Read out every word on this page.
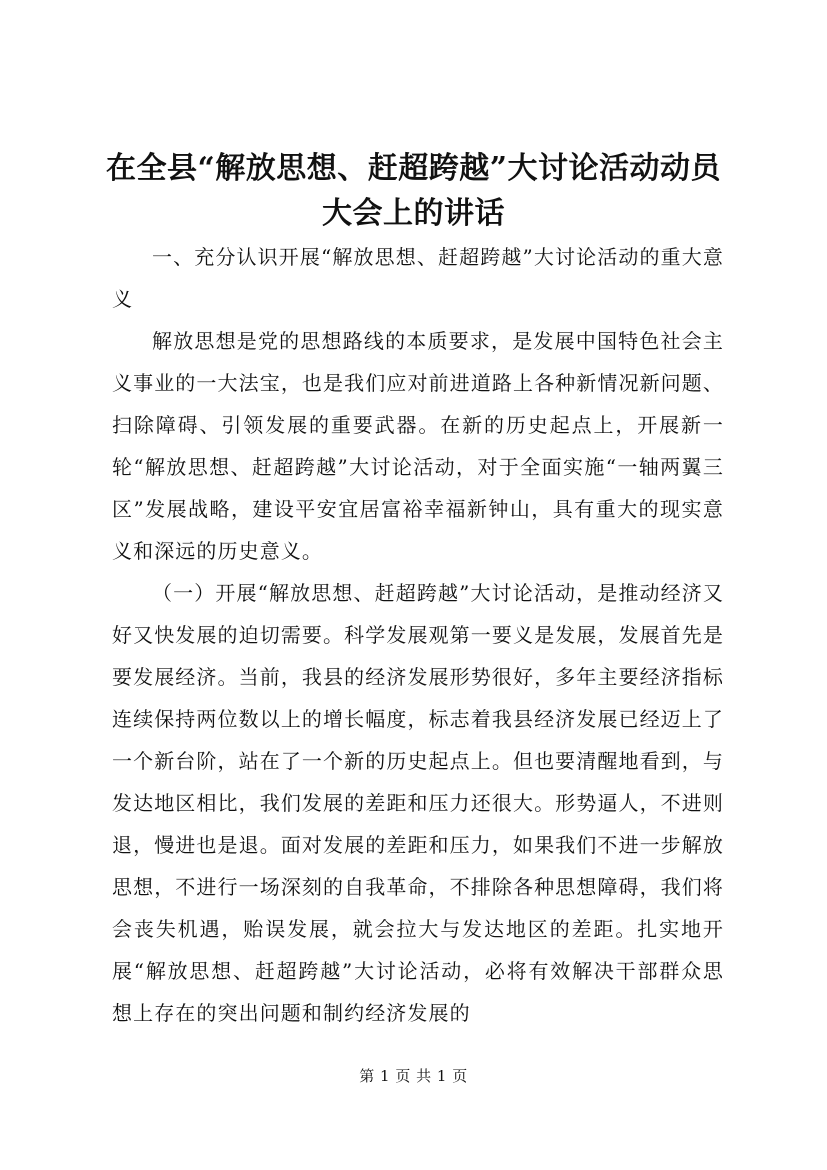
在全县“解放思想、赶超跨越”大讨论活动动员大会上的讲话

一、充分认识开展“解放思想、赶超跨越”大讨论活动的重大意义

解放思想是党的思想路线的本质要求，是发展中国特色社会主义事业的一大法宝，也是我们应对前进道路上各种新情况新问题、扫除障碍、引领发展的重要武器。在新的历史起点上，开展新一轮“解放思想、赶超跨越”大讨论活动，对于全面实施“一轴两翼三区”发展战略，建设平安宜居富裕幸福新钟山，具有重大的现实意义和深远的历史意义。

（一）开展“解放思想、赶超跨越”大讨论活动，是推动经济又好又快发展的迫切需要。科学发展观第一要义是发展，发展首先是要发展经济。当前，我县的经济发展形势很好，多年主要经济指标连续保持两位数以上的增长幅度，标志着我县经济发展已经迈上了一个新台阶，站在了一个新的历史起点上。但也要清醒地看到，与发达地区相比，我们发展的差距和压力还很大。形势逼人，不进则退，慢进也是退。面对发展的差距和压力，如果我们不进一步解放思想，不进行一场深刻的自我革命，不排除各种思想障碍，我们将会丧失机遇，贻误发展，就会拉大与发达地区的差距。扎实地开展“解放思想、赶超跨越”大讨论活动，必将有效解决干部群众思想上存在的突出问题和制约经济发展的

第 1 页 共 1 页
